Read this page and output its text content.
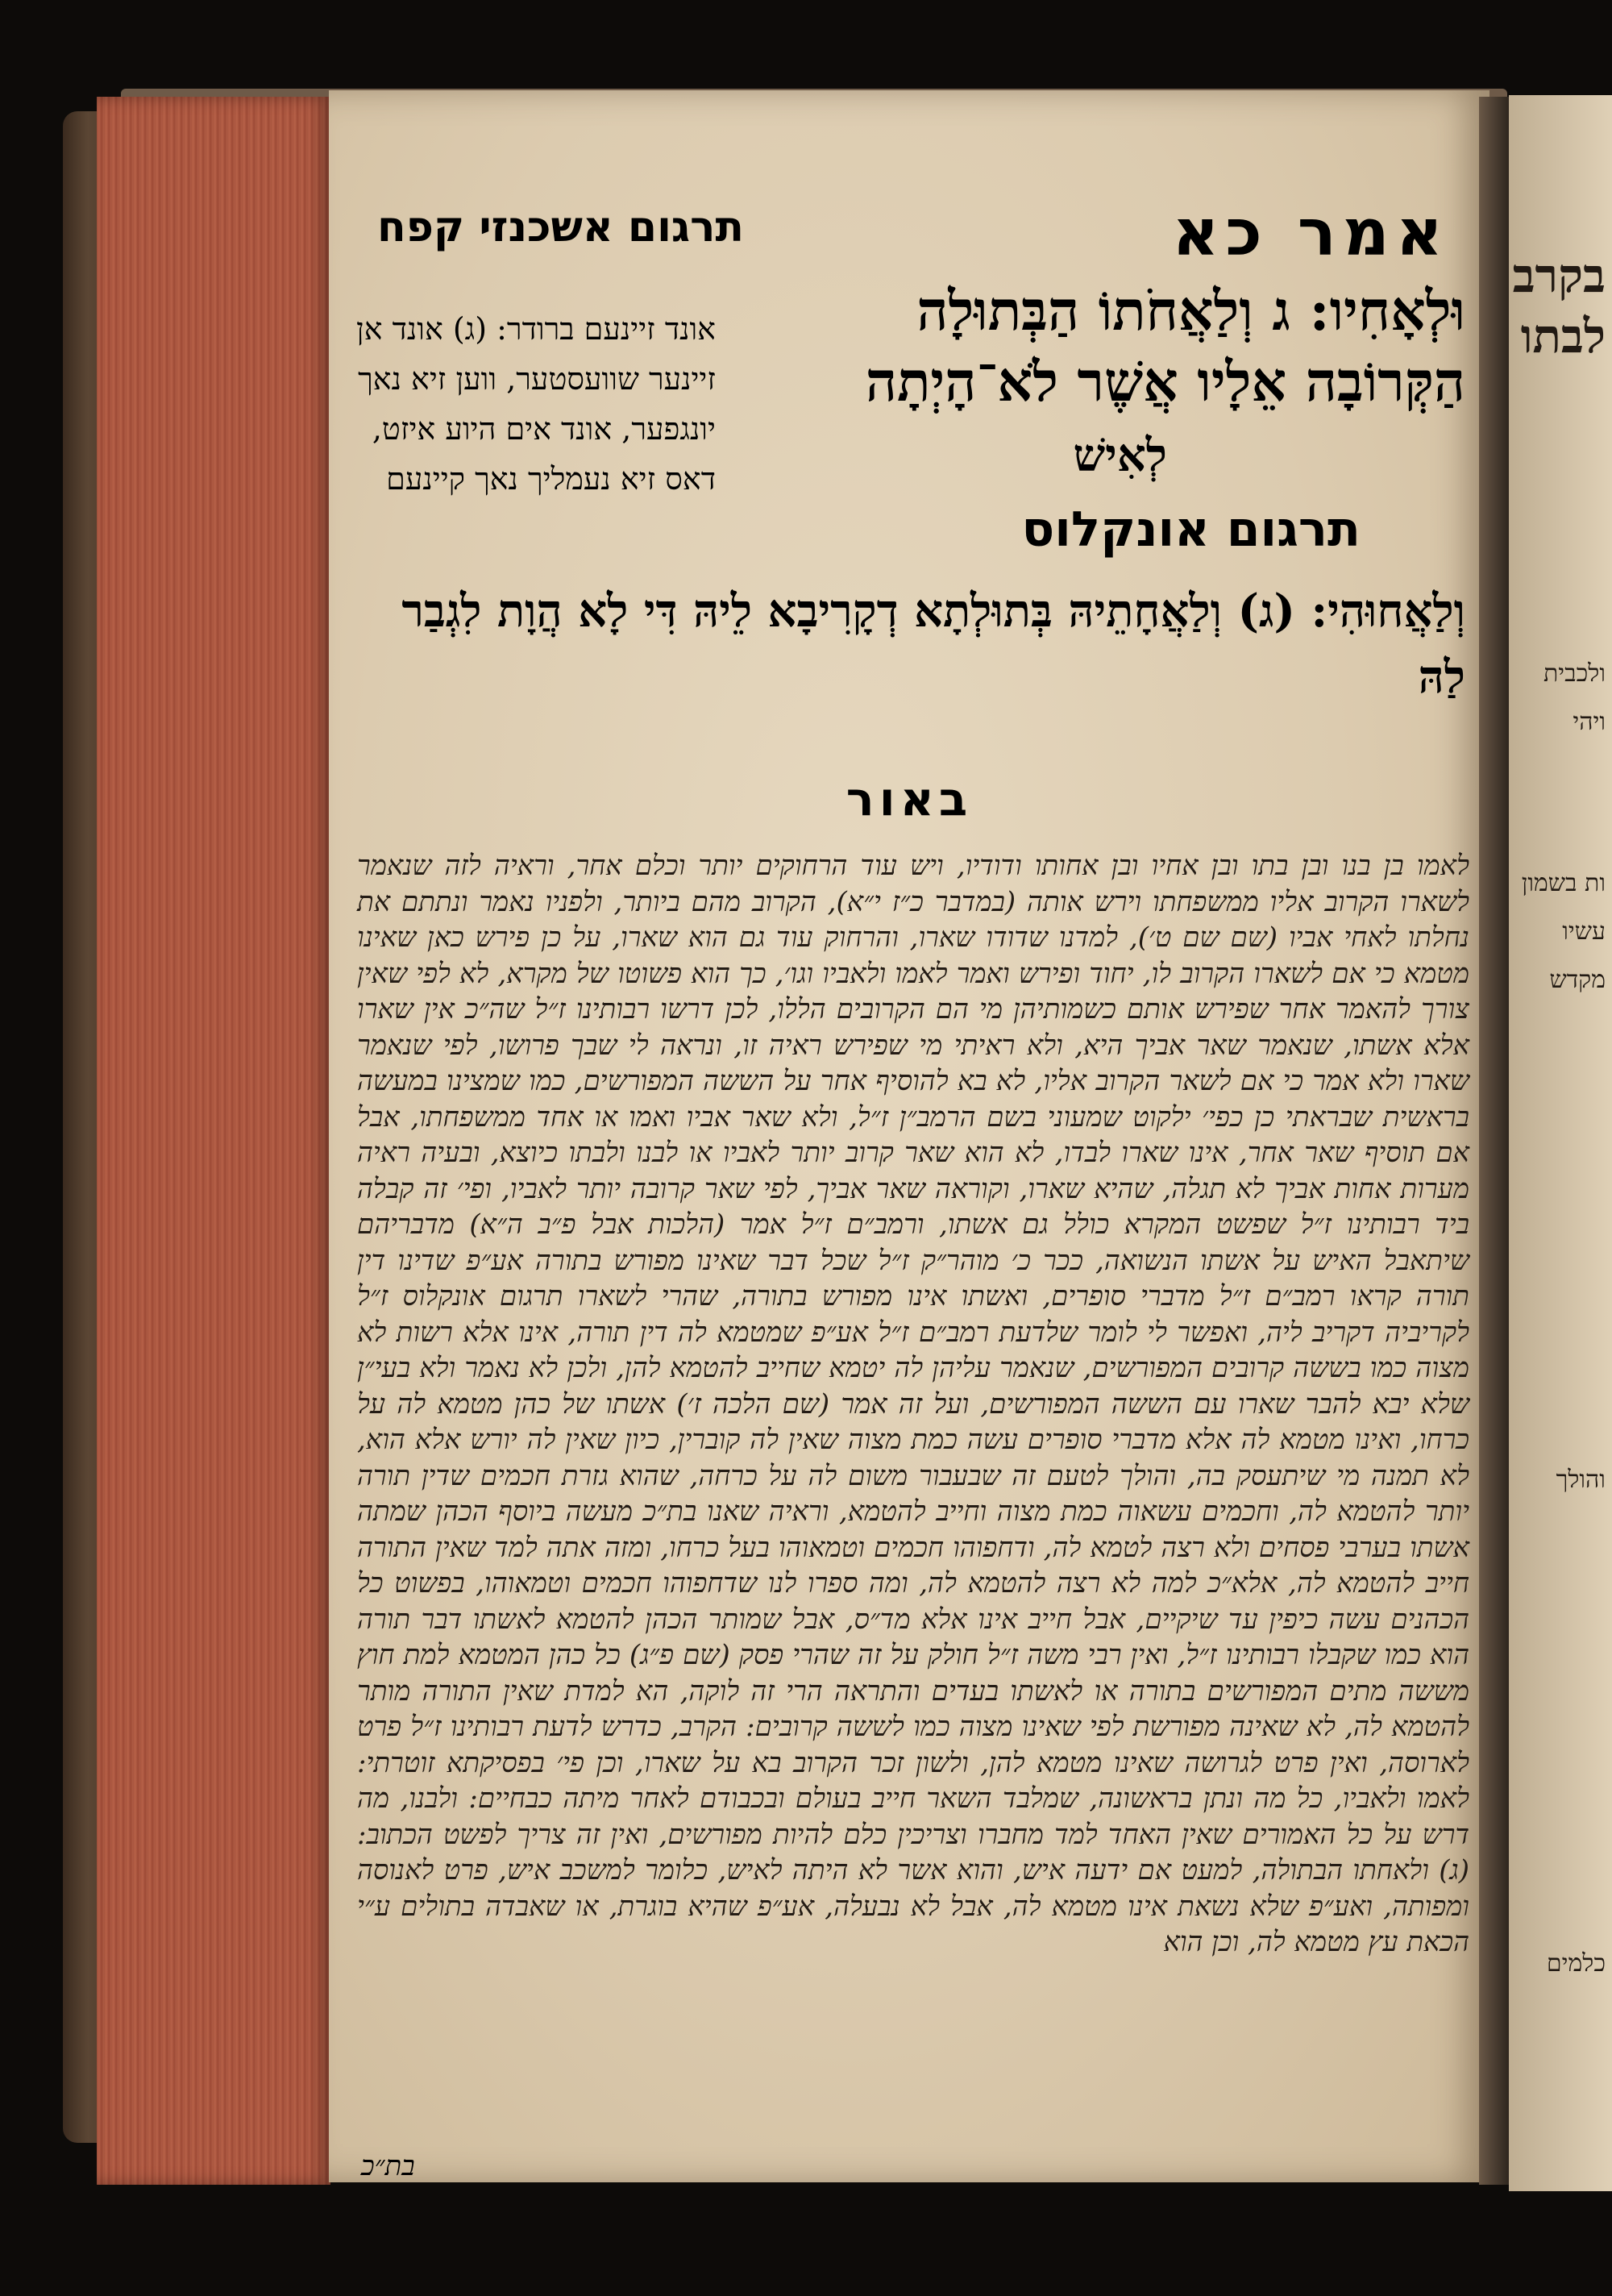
אמר כא
תרגום אשכנזי קפח
וּלְאָחִיו: ג וְלַאֲחֹתוֹ הַבְּתוּלָה הַקְּרוֹבָה אֵלָיו אֲשֶׁר לֹא־הָיְתָה
לְאִישׁ
אונד זיינעם ברודר: (ג) אונד אן זיינער שוועסטער, ווען זיא נאך יונגפער, אונד אים היוע איזט, דאס זיא נעמליך נאך קיינעם
תרגום אונקלוס
וְלַאֲחוּהִי: (ג) וְלַאֲחָתֵיהּ בְּתוּלְתָא דְקָרִיבָא לֵיהּ דִּי לָא הֲוָת לִגְבַר לַהּ
באור
לאמו בן בנו ובן בתו ובן אחיו ובן אחותו ודודיו, ויש עוד הרחוקים יותר וכלם אחר, וראיה לזה שנאמר לשארו הקרוב אליו ממשפחתו וירש אותה (במדבר כ״ז י״א), הקרוב מהם ביותר, ולפניו נאמר ונתתם את נחלתו לאחי אביו (שם שם ט׳), למדנו שדודו שארו, והרחוק עוד גם הוא שארו, על כן פירש כאן שאינו מטמא כי אם לשארו הקרוב לו, יחוד ופירש ואמר לאמו ולאביו וגו׳, כך הוא פשוטו של מקרא, לא לפי שאין צורך להאמר אחר שפירש אותם כשמותיהן מי הם הקרובים הללו, לכן דרשו רבותינו ז״ל שה״כ אין שארו אלא אשתו, שנאמר שאר אביך היא, ולא ראיתי מי שפירש ראיה זו, ונראה לי שבך פרושו, לפי שנאמר שארו ולא אמר כי אם לשאר הקרוב אליו, לא בא להוסיף אחר על הששה המפורשים, כמו שמצינו במעשה בראשית שבראתי כן כפי׳ ילקוט שמעוני בשם הרמב״ן ז״ל, ולא שאר אביו ואמו או אחד ממשפחתו, אבל אם תוסיף שאר אחר, אינו שארו לבדו, לא הוא שאר קרוב יותר לאביו או לבנו ולבתו כיוצא, ובעיה ראיה מערות אחות אביך לא תגלה, שהיא שארו, וקוראה שאר אביך, לפי שאר קרובה יותר לאביו, ופי׳ זה קבלה ביד רבותינו ז״ל שפשט המקרא כולל גם אשתו, ורמב״ם ז״ל אמר (הלכות אבל פ״ב ה״א) מדבריהם שיתאבל האיש על אשתו הנשואה, ככר כ׳ מוהר״ק ז״ל שכל דבר שאינו מפורש בתורה אע״פ שדינו דין תורה קראו רמב״ם ז״ל מדברי סופרים, ואשתו אינו מפורש בתורה, שהרי לשארו תרגום אונקלוס ז״ל לקריביה דקריב ליה, ואפשר לי לומר שלדעת רמב״ם ז״ל אע״פ שמטמא לה דין תורה, אינו אלא רשות לא מצוה כמו בששה קרובים המפורשים, שנאמר עליהן לה יטמא שחייב להטמא להן, ולכן לא נאמר ולא בעי״ן שלא יבא להבר שארו עם הששה המפורשים, ועל זה אמר (שם הלכה ז׳) אשתו של כהן מטמא לה על כרחו, ואינו מטמא לה אלא מדברי סופרים עשה כמת מצוה שאין לה קוברין, כיון שאין לה יורש אלא הוא, לא תמנה מי שיתעסק בה, והולך לטעם זה שבעבור משום לה על כרחה, שהוא גזרת חכמים שדין תורה יותר להטמא לה, וחכמים עשאוה כמת מצוה וחייב להטמא, וראיה שאנו בת״כ מעשה ביוסף הכהן שמתה אשתו בערבי פסחים ולא רצה לטמא לה, ודחפוהו חכמים וטמאוהו בעל כרחו, ומזה אתה למד שאין התורה חייב להטמא לה, אלא״כ למה לא רצה להטמא לה, ומה ספרו לנו שדחפוהו חכמים וטמאוהו, בפשוט כל הכהנים עשה כיפין עד שיקיים, אבל חייב אינו אלא מד״ס, אבל שמותר הכהן להטמא לאשתו דבר תורה הוא כמו שקבלו רבותינו ז״ל, ואין רבי משה ז״ל חולק על זה שהרי פסק (שם פ״ג) כל כהן המטמא למת חוץ מששה מתים המפורשים בתורה או לאשתו בעדים והתראה הרי זה לוקה, הא למדת שאין התורה מותר להטמא לה, לא שאינה מפורשת לפי שאינו מצוה כמו לששה קרובים: הקרב, כדרש לדעת רבותינו ז״ל פרט לארוסה, ואין פרט לגרושה שאינו מטמא להן, ולשון זכר הקרוב בא על שארו, וכן פי׳ בפסיקתא זוטרתי: לאמו ולאביו, כל מה ונתן בראשונה, שמלבד השאר חייב בעולם ובכבודם לאחר מיתה כבחיים: ולבנו, מה דרש על כל האמורים שאין האחד למד מחברו וצריכין כלם להיות מפורשים, ואין זה צריך לפשט הכתוב: (ג) ולאחתו הבתולה, למעט אם ידעה איש, והוא אשר לא היתה לאיש, כלומר למשכב איש, פרט לאנוסה ומפותה, ואע״פ שלא נשאת אינו מטמא לה, אבל לא נבעלה, אע״פ שהיא בוגרת, או שאבדה בתולים ע״י הכאת עץ מטמא לה, וכן הוא
בת״כ
בקרב
לבתו
ולכבית
ויהי
ות בשמון
עשיו
מקדש
והולך
כלמים
